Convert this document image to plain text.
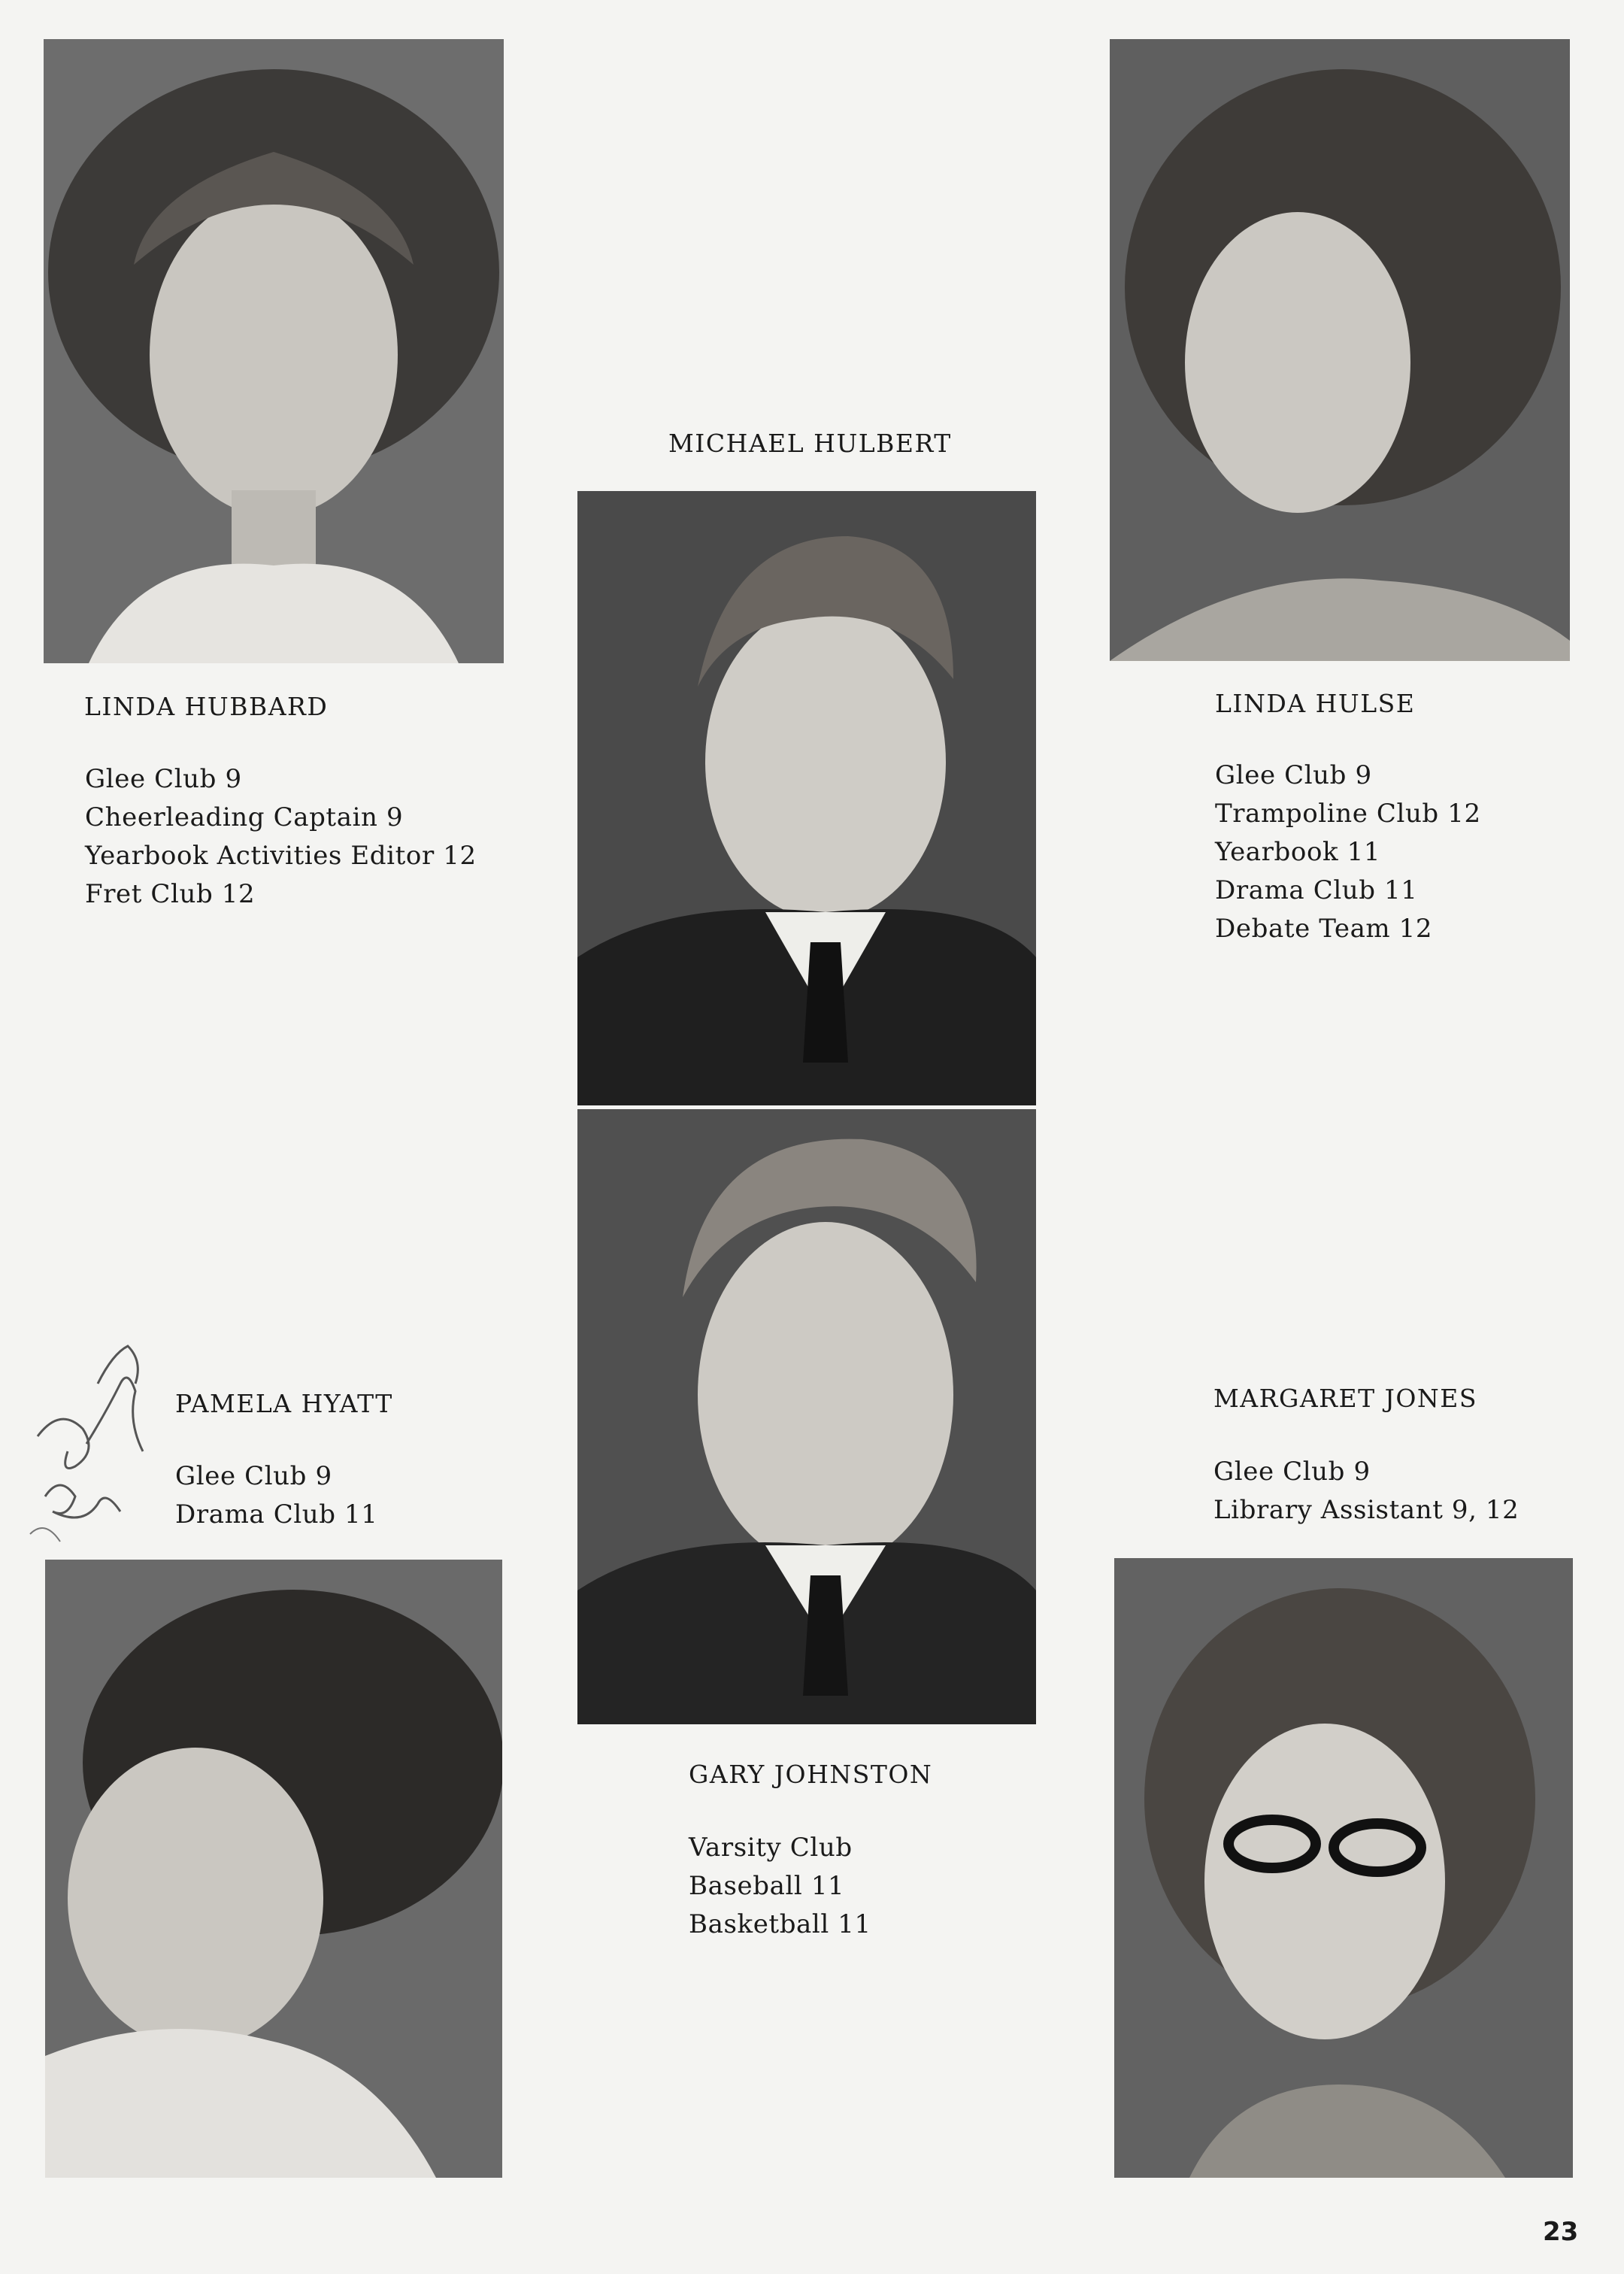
LINDA HUBBARD
Glee Club 9
Cheerleading Captain 9
Yearbook Activities Editor 12
Fret Club 12
MICHAEL HULBERT
LINDA HULSE
Glee Club 9
Trampoline Club 12
Yearbook 11
Drama Club 11
Debate Team 12
PAMELA HYATT
Glee Club 9
Drama Club 11
GARY JOHNSTON
Varsity Club
Baseball 11
Basketball 11
MARGARET JONES
Glee Club 9
Library Assistant 9, 12
23
